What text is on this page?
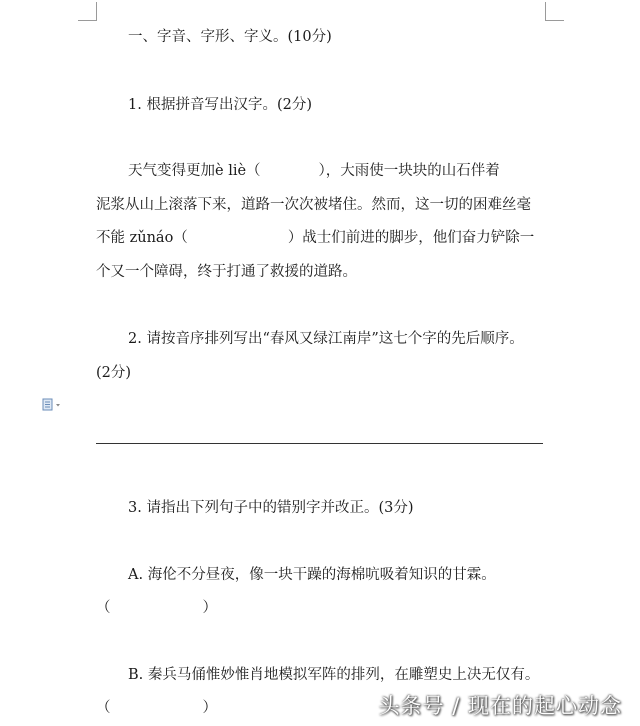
一、字音、字形、字义。(10分)
1. 根据拼音写出汉字。(2分)
天气变得更加è liè（	），大雨使一块块的山石伴着
泥浆从山上滚落下来，道路一次次被堵住。然而，这一切的困难丝毫
不能 zǔnáo（	）战士们前进的脚步，他们奋力铲除一
个又一个障碍，终于打通了救援的道路。
2. 请按音序排列写出“春风又绿江南岸”这七个字的先后顺序。
(2分)
3. 请指出下列句子中的错别字并改正。(3分)
A. 海伦不分昼夜，像一块干躁的海棉吭吸着知识的甘霖。
（	）
B. 秦兵马俑惟妙惟肖地模拟军阵的排列，在雕塑史上决无仅有。
（	）	头条号 / 现在的起心动念
